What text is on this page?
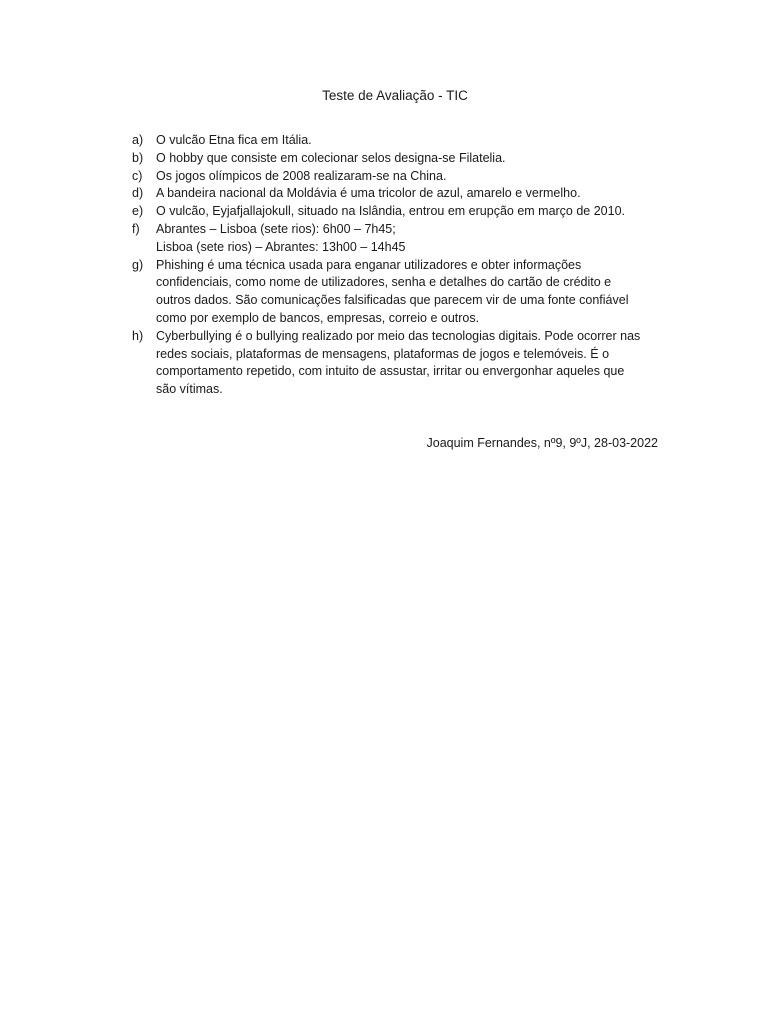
Teste de Avaliação - TIC
a)	O vulcão Etna fica em Itália.
b)	O hobby que consiste em colecionar selos designa-se Filatelia.
c)	Os jogos olímpicos de 2008 realizaram-se na China.
d)	A bandeira nacional da Moldávia é uma tricolor de azul, amarelo e vermelho.
e)	O vulcão, Eyjafjallajokull, situado na Islândia, entrou em erupção em março de 2010.
f)	Abrantes – Lisboa (sete rios): 6h00 – 7h45;
Lisboa (sete rios) – Abrantes: 13h00 – 14h45
g)	Phishing é uma técnica usada para enganar utilizadores e obter informações
confidenciais, como nome de utilizadores, senha e detalhes do cartão de crédito e
outros dados. São comunicações falsificadas que parecem vir de uma fonte confiável
como por exemplo de bancos, empresas, correio e outros.
h)	Cyberbullying é o bullying realizado por meio das tecnologias digitais. Pode ocorrer nas
redes sociais, plataformas de mensagens, plataformas de jogos e telemóveis. É o
comportamento repetido, com intuito de assustar, irritar ou envergonhar aqueles que
são vítimas.
Joaquim Fernandes, nº9, 9ºJ, 28-03-2022
